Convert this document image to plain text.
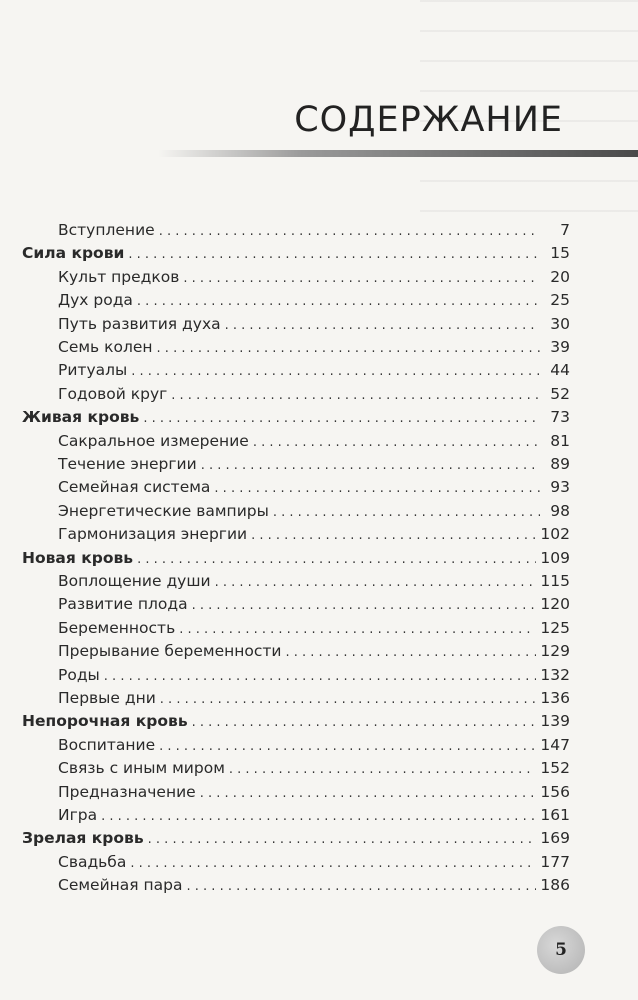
СОДЕРЖАНИЕ
Вступление . . .	7
Сила крови . . .	15
Культ предков . . .	20
Дух рода . . .	25
Путь развития духа . . .	30
Семь колен . . .	39
Ритуалы . . .	44
Годовой круг . . .	52
Живая кровь . . .	73
Сакральное измерение . . .	81
Течение энергии . . .	89
Семейная система . . .	93
Энергетические вампиры . . .	98
Гармонизация энергии . . .	102
Новая кровь . . .	109
Воплощение души . . .	115
Развитие плода . . .	120
Беременность . . .	125
Прерывание беременности . . .	129
Роды . . .	132
Первые дни . . .	136
Непорочная кровь . . .	139
Воспитание . . .	147
Связь с иным миром . . .	152
Предназначение . . .	156
Игра . . .	161
Зрелая кровь . . .	169
Свадьба . . .	177
Семейная пара . . .	186
5
